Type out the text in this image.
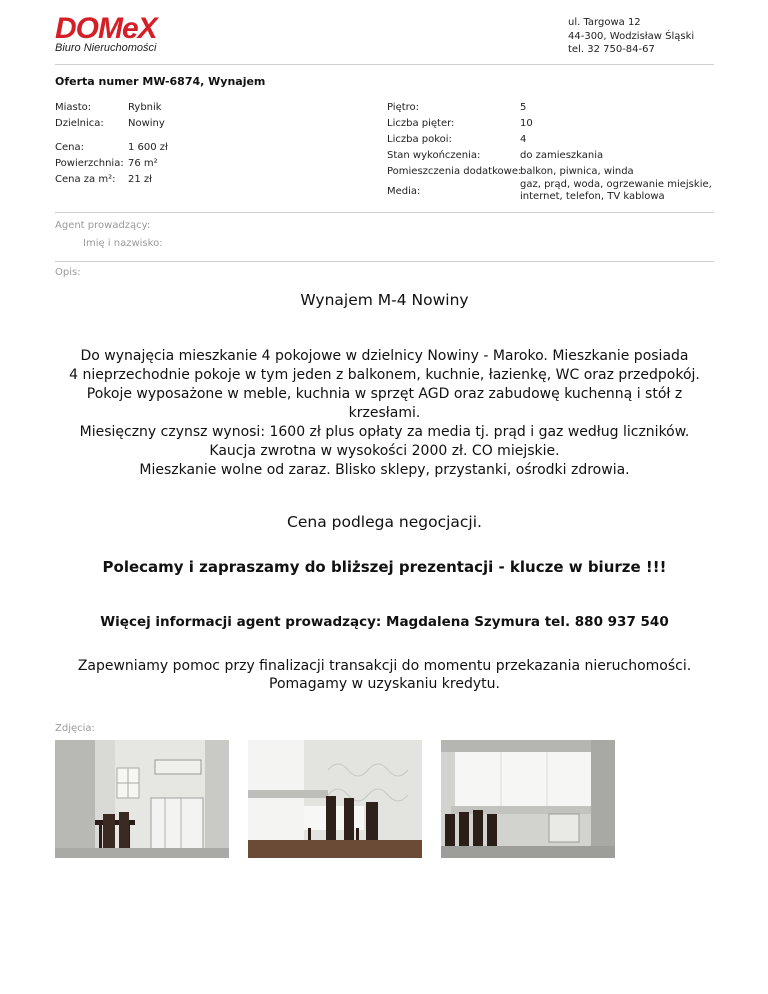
DOMeX
Biuro Nieruchomości
ul. Targowa 12
44-300, Wodzisław Śląski
tel. 32 750-84-67
Oferta numer MW-6874, Wynajem
Miasto:	Rybnik
Dzielnica: Nowiny
Cena:	1 600 zł
Powierzchnia: 76 m²
Cena za m²: 21 zł
Piętro:	5
Liczba pięter:	10
Liczba pokoi:	4
Stan wykończenia:	do zamieszkania
Pomieszczenia dodatkowe:
balkon, piwnica, winda
Media:
gaz, prąd, woda, ogrzewanie miejskie,
internet, telefon, TV kablowa
Agent prowadzący:
Imię i nazwisko:
Opis:
Wynajem M-4 Nowiny
Do wynajęcia mieszkanie 4 pokojowe w dzielnicy Nowiny - Maroko. Mieszkanie posiada
4 nieprzechodnie pokoje w tym jeden z balkonem, kuchnie, łazienkę, WC oraz przedpokój.
Pokoje wyposażone w meble, kuchnia w sprzęt AGD oraz zabudowę kuchenną i stół z
krzesłami.
Miesięczny czynsz wynosi: 1600 zł plus opłaty za media tj. prąd i gaz według liczników.
Kaucja zwrotna w wysokości 2000 zł. CO miejskie.
Mieszkanie wolne od zaraz. Blisko sklepy, przystanki, ośrodki zdrowia.
Cena podlega negocjacji.
Polecamy i zapraszamy do bliższej prezentacji - klucze w biurze !!!
Więcej informacji agent prowadzący: Magdalena Szymura tel. 880 937 540
Zapewniamy pomoc przy finalizacji transakcji do momentu przekazania nieruchomości.
Pomagamy w uzyskaniu kredytu.
Zdjęcia:
